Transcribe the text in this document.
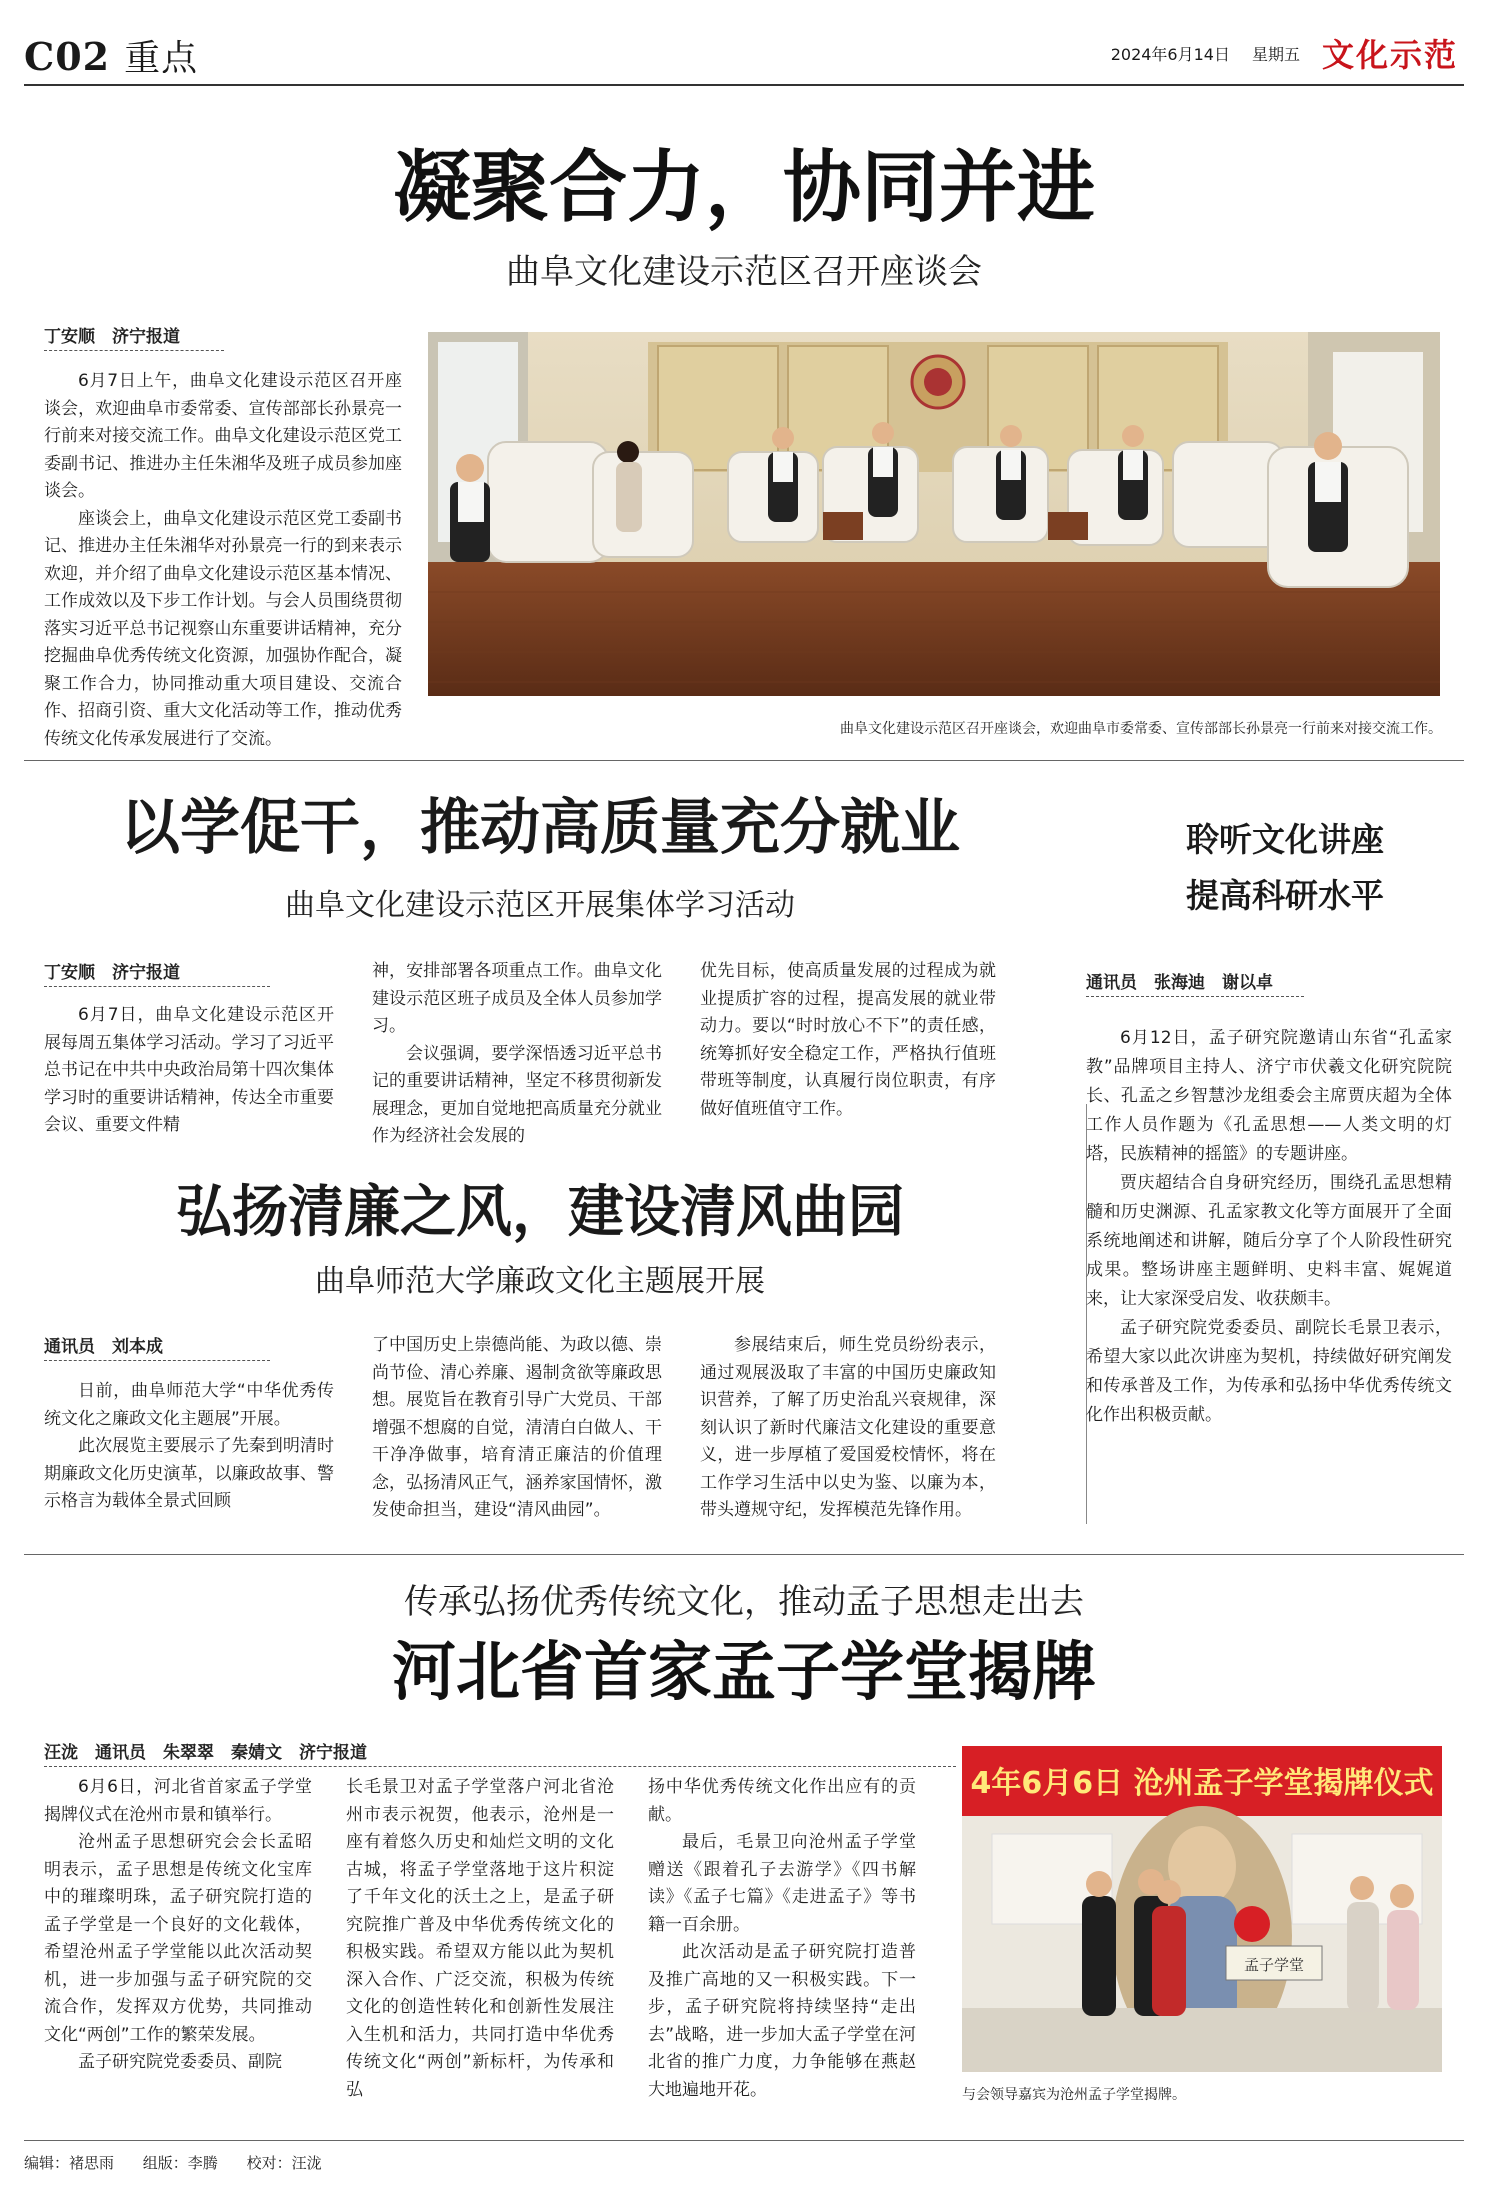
C02 重点	2024年6月14日 星期五 文化示范
凝聚合力，协同并进
曲阜文化建设示范区召开座谈会
丁安顺　济宁报道

6月7日上午，曲阜文化建设示范区召开座谈会，欢迎曲阜市委常委、宣传部部长孙景亮一行前来对接交流工作。曲阜文化建设示范区党工委副书记、推进办主任朱湘华及班子成员参加座谈会。

座谈会上，曲阜文化建设示范区党工委副书记、推进办主任朱湘华对孙景亮一行的到来表示欢迎，并介绍了曲阜文化建设示范区基本情况、工作成效以及下步工作计划。与会人员围绕贯彻落实习近平总书记视察山东重要讲话精神，充分挖掘曲阜优秀传统文化资源，加强协作配合，凝聚工作合力，协同推动重大项目建设、交流合作、招商引资、重大文化活动等工作，推动优秀传统文化传承发展进行了交流。	曲阜文化建设示范区召开座谈会，欢迎曲阜市委常委、宣传部部长孙景亮一行前来对接交流工作。
以学促干，推动高质量充分就业
曲阜文化建设示范区开展集体学习活动
丁安顺　济宁报道

6月7日，曲阜文化建设示范区开展每周五集体学习活动。学习了习近平总书记在中共中央政治局第十四次集体学习时的重要讲话精神，传达全市重要会议、重要文件精

神，安排部署各项重点工作。曲阜文化建设示范区班子成员及全体人员参加学习。

会议强调，要学深悟透习近平总书记的重要讲话精神，坚定不移贯彻新发展理念，更加自觉地把高质量充分就业作为经济社会发展的

优先目标，使高质量发展的过程成为就业提质扩容的过程，提高发展的就业带动力。要以“时时放心不下”的责任感，统筹抓好安全稳定工作，严格执行值班带班等制度，认真履行岗位职责，有序做好值班值守工作。

聆听文化讲座
提高科研水平
通讯员　张海迪　谢以卓

6月12日，孟子研究院邀请山东省“孔孟家教”品牌项目主持人、济宁市伏羲文化研究院院长、孔孟之乡智慧沙龙组委会主席贾庆超为全体工作人员作题为《孔孟思想——人类文明的灯塔，民族精神的摇篮》的专题讲座。

贾庆超结合自身研究经历，围绕孔孟思想精髓和历史渊源、孔孟家教文化等方面展开了全面系统地阐述和讲解，随后分享了个人阶段性研究成果。整场讲座主题鲜明、史料丰富、娓娓道来，让大家深受启发、收获颇丰。

孟子研究院党委委员、副院长毛景卫表示，希望大家以此次讲座为契机，持续做好研究阐发和传承普及工作，为传承和弘扬中华优秀传统文化作出积极贡献。

弘扬清廉之风，建设清风曲园
曲阜师范大学廉政文化主题展开展
通讯员　刘本成

日前，曲阜师范大学“中华优秀传统文化之廉政文化主题展”开展。

此次展览主要展示了先秦到明清时期廉政文化历史演革，以廉政故事、警示格言为载体全景式回顾

了中国历史上崇德尚能、为政以德、崇尚节俭、清心养廉、遏制贪欲等廉政思想。展览旨在教育引导广大党员、干部增强不想腐的自觉，清清白白做人、干干净净做事，培育清正廉洁的价值理念，弘扬清风正气，涵养家国情怀，激发使命担当，建设“清风曲园”。

参展结束后，师生党员纷纷表示，通过观展汲取了丰富的中国历史廉政知识营养，了解了历史治乱兴衰规律，深刻认识了新时代廉洁文化建设的重要意义，进一步厚植了爱国爱校情怀，将在工作学习生活中以史为鉴、以廉为本，带头遵规守纪，发挥模范先锋作用。

传承弘扬优秀传统文化，推动孟子思想走出去
河北省首家孟子学堂揭牌
汪泷　通讯员　朱翠翠　秦婧文　济宁报道

6月6日，河北省首家孟子学堂揭牌仪式在沧州市景和镇举行。

沧州孟子思想研究会会长孟昭明表示，孟子思想是传统文化宝库中的璀璨明珠，孟子研究院打造的孟子学堂是一个良好的文化载体，希望沧州孟子学堂能以此次活动契机，进一步加强与孟子研究院的交流合作，发挥双方优势，共同推动文化“两创”工作的繁荣发展。

孟子研究院党委委员、副院

长毛景卫对孟子学堂落户河北省沧州市表示祝贺，他表示，沧州是一座有着悠久历史和灿烂文明的文化古城，将孟子学堂落地于这片积淀了千年文化的沃土之上，是孟子研究院推广普及中华优秀传统文化的积极实践。希望双方能以此为契机深入合作、广泛交流，积极为传统文化的创造性转化和创新性发展注入生机和活力，共同打造中华优秀传统文化“两创”新标杆，为传承和弘

扬中华优秀传统文化作出应有的贡献。

最后，毛景卫向沧州孟子学堂赠送《跟着孔子去游学》《四书解读》《孟子七篇》《走进孟子》等书籍一百余册。

此次活动是孟子研究院打造普及推广高地的又一积极实践。下一步，孟子研究院将持续坚持“走出去”战略，进一步加大孟子学堂在河北省的推广力度，力争能够在燕赵大地遍地开花。

4年6月6日 沧州孟子学堂揭牌仪式
孟子学堂
与会领导嘉宾为沧州孟子学堂揭牌。
编辑：褚思雨 组版：李腾 校对：汪泷
